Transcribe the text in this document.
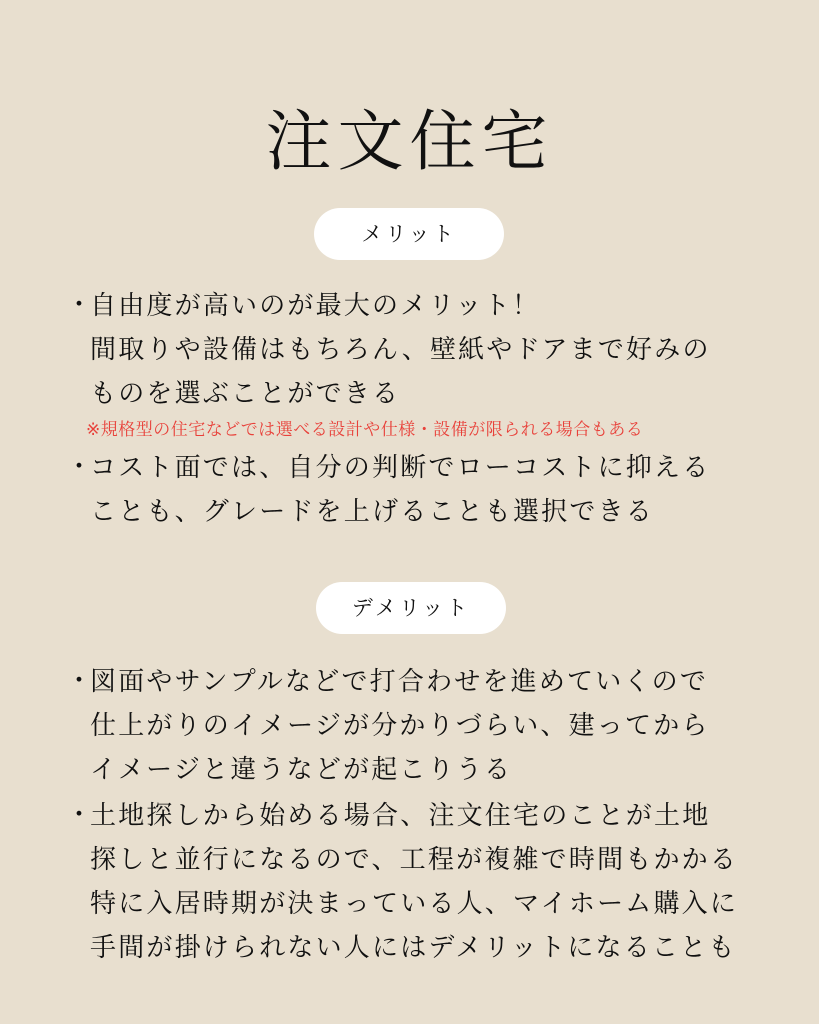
注文住宅
メリット
・
自由度が高いのが最大のメリット！
間取りや設備はもちろん、壁紙やドアまで好みの
ものを選ぶことができる
※規格型の住宅などでは選べる設計や仕様・設備が限られる場合もある
・
コスト面では、自分の判断でローコストに抑える
ことも、グレードを上げることも選択できる
デメリット
・
図面やサンプルなどで打合わせを進めていくので
仕上がりのイメージが分かりづらい、建ってから
イメージと違うなどが起こりうる
・
土地探しから始める場合、注文住宅のことが土地
探しと並行になるので、工程が複雑で時間もかかる
特に入居時期が決まっている人、マイホーム購入に
手間が掛けられない人にはデメリットになることも
